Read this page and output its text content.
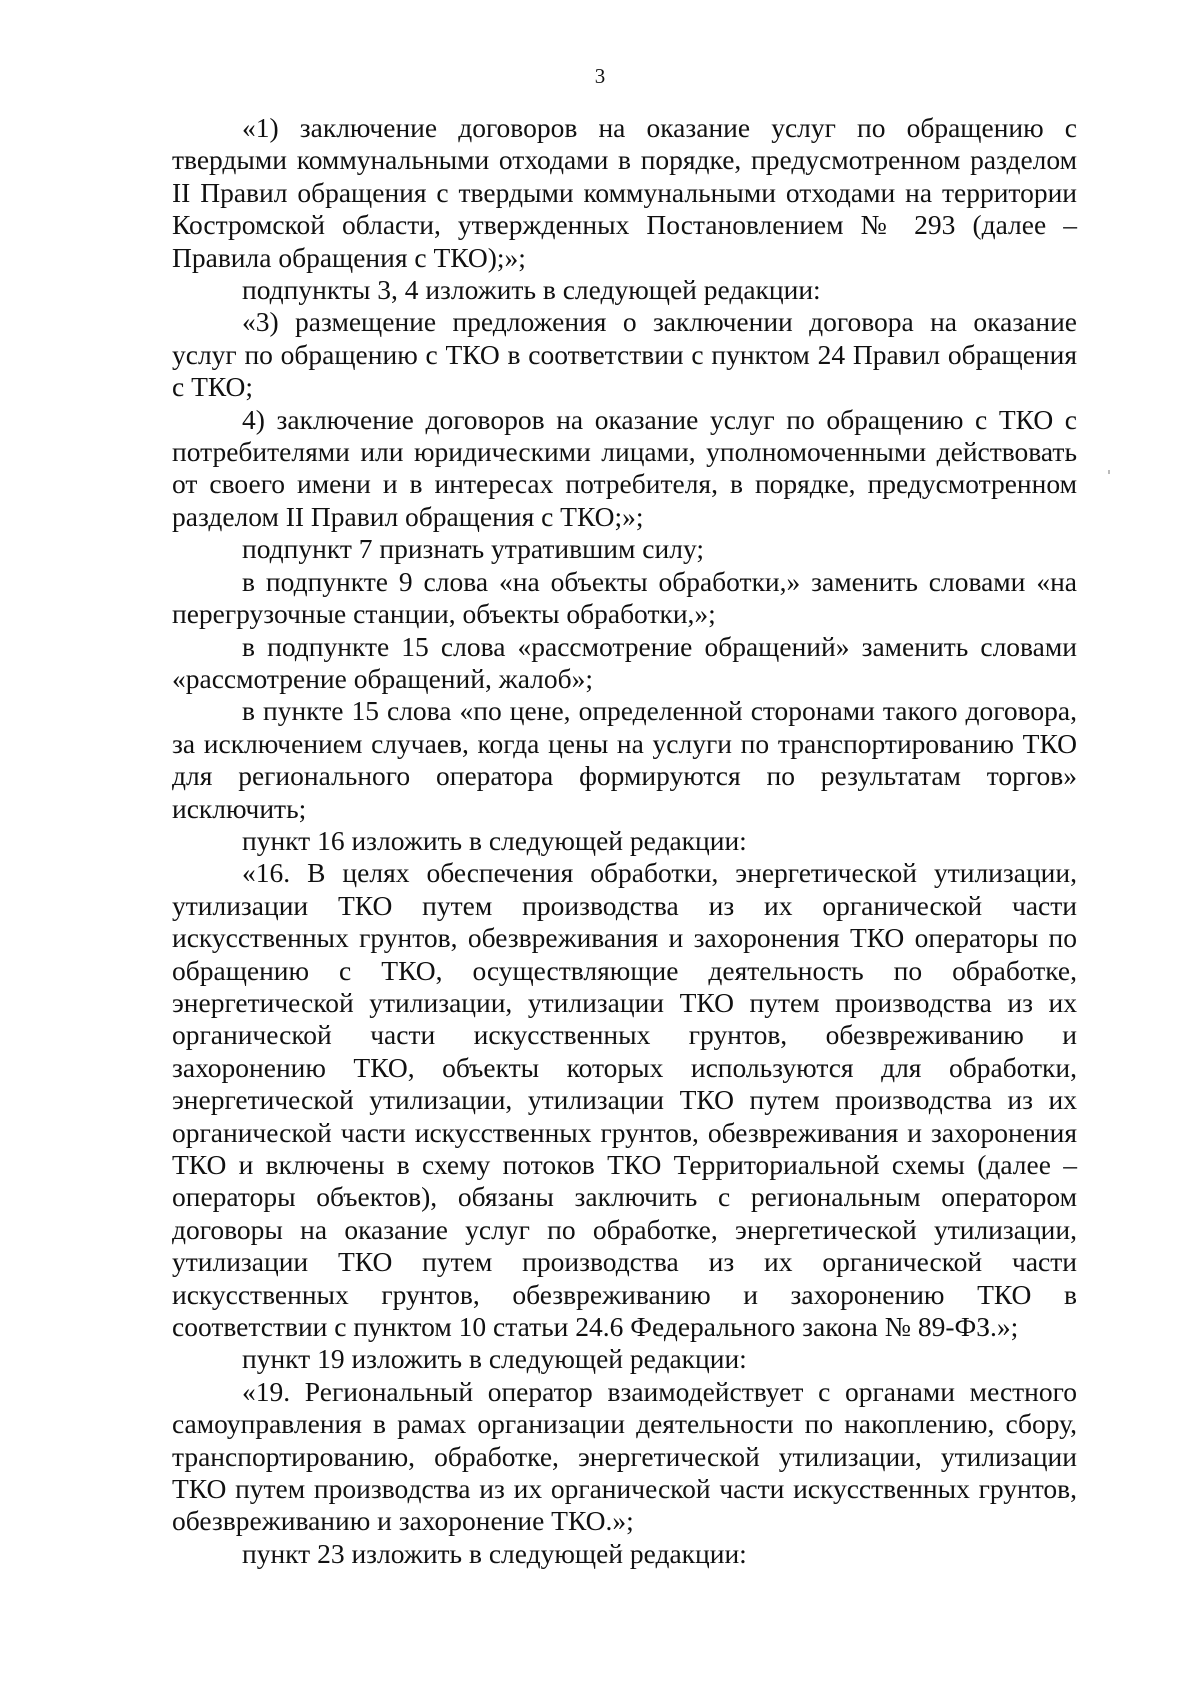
3

«1) заключение договоров на оказание услуг по обращению с твердыми коммунальными отходами в порядке, предусмотренном разделом II Правил обращения с твердыми коммунальными отходами на территории Костромской области, утвержденных Постановлением № 293 (далее – Правила обращения с ТКО);»;

подпункты 3, 4 изложить в следующей редакции:

«3) размещение предложения о заключении договора на оказание услуг по обращению с ТКО в соответствии с пунктом 24 Правил обращения с ТКО;

4) заключение договоров на оказание услуг по обращению с ТКО с потребителями или юридическими лицами, уполномоченными действовать от своего имени и в интересах потребителя, в порядке, предусмотренном разделом II Правил обращения с ТКО;»;

подпункт 7 признать утратившим силу;

в подпункте 9 слова «на объекты обработки,» заменить словами «на перегрузочные станции, объекты обработки,»;

в подпункте 15 слова «рассмотрение обращений» заменить словами «рассмотрение обращений, жалоб»;

в пункте 15 слова «по цене, определенной сторонами такого договора, за исключением случаев, когда цены на услуги по транспортированию ТКО для регионального оператора формируются по результатам торгов» исключить;

пункт 16 изложить в следующей редакции:

«16. В целях обеспечения обработки, энергетической утилизации, утилизации ТКО путем производства из их органической части искусственных грунтов, обезвреживания и захоронения ТКО операторы по обращению с ТКО, осуществляющие деятельность по обработке, энергетической утилизации, утилизации ТКО путем производства из их органической части искусственных грунтов, обезвреживанию и захоронению ТКО, объекты которых используются для обработки, энергетической утилизации, утилизации ТКО путем производства из их органической части искусственных грунтов, обезвреживания и захоронения ТКО и включены в схему потоков ТКО Территориальной схемы (далее – операторы объектов), обязаны заключить с региональным оператором договоры на оказание услуг по обработке, энергетической утилизации, утилизации ТКО путем производства из их органической части искусственных грунтов, обезвреживанию и захоронению ТКО в соответствии с пунктом 10 статьи 24.6 Федерального закона № 89-ФЗ.»;

пункт 19 изложить в следующей редакции:

«19. Региональный оператор взаимодействует с органами местного самоуправления в рамах организации деятельности по накоплению, сбору, транспортированию, обработке, энергетической утилизации, утилизации ТКО путем производства из их органической части искусственных грунтов, обезвреживанию и захоронение ТКО.»;

пункт 23 изложить в следующей редакции:
